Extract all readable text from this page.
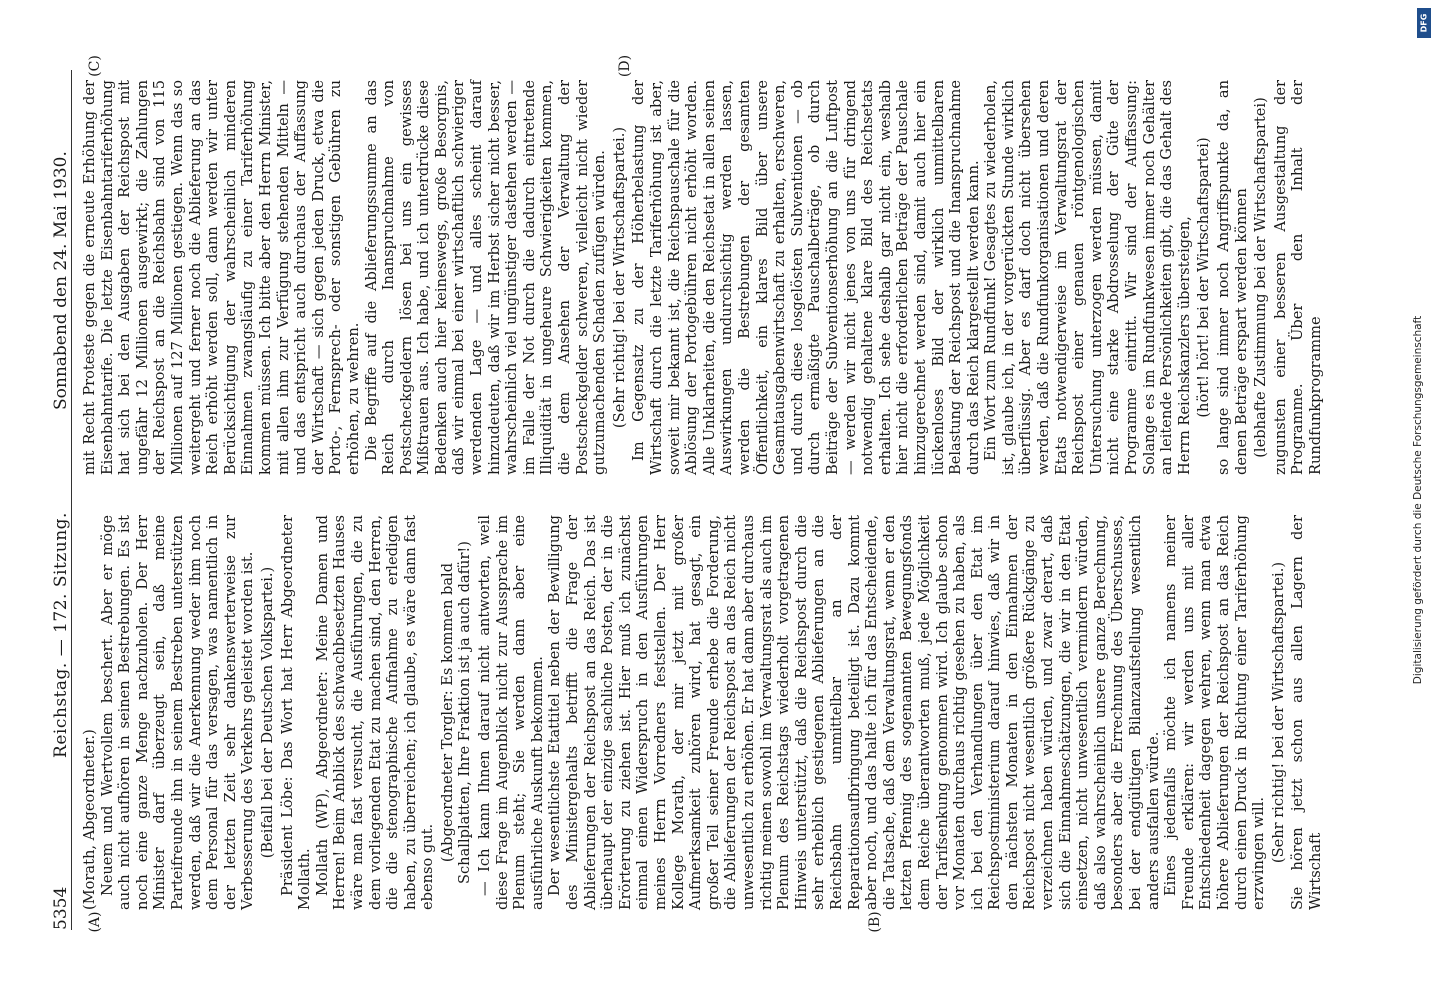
5354
Reichstag. — 172. Sitzung.
Sonnabend den 24. Mai 1930.
(A)	(B)
(C)	(D)

(Morath, Abgeordneter.) Neuem und Wertvollem beschert. Aber er möge auch nicht aufhören in seinen Bestrebungen. Es ist noch eine ganze Menge nachzuholen. Der Herr Minister darf überzeugt sein, daß meine Parteifreunde ihn in seinem Bestreben unterstützen werden, daß wir die Anerkennung weder ihm noch dem Personal für das versagen, was namentlich in der letzten Zeit sehr dankenswerterweise zur Verbesserung des Verkehrs geleistet worden ist. (Beifall bei der Deutschen Volkspartei.) Präsident Löbe: Das Wort hat Herr Abgeordneter Mollath. Mollath (WP), Abgeordneter: Meine Damen und Herren! Beim Anblick des schwachbesetzten Hauses wäre man fast versucht, die Ausführungen, die zu dem vorliegenden Etat zu machen sind, den Herren, die die stenographische Aufnahme zu erledigen haben, zu überreichen; ich glaube, es wäre dann fast ebenso gut.

(Abgeordneter Torgler: Es kommen bald Schallplatten, Ihre Fraktion ist ja auch dafür!) — Ich kann Ihnen darauf nicht antworten, weil diese Frage im Augenblick nicht zur Aussprache im Plenum steht; Sie werden dann aber eine ausführliche Auskunft bekommen. Der wesentlichste Etattitel neben der Bewilligung des Ministergehalts betrifft die Frage der Ablieferungen der Reichspost an das Reich. Das ist überhaupt der einzige sachliche Posten, der in die Erörterung zu ziehen ist. Hier muß ich zunächst einmal einen Widerspruch in den Ausführungen meines Herrn Vorredners feststellen. Der Herr Kollege Morath, der mir jetzt mit großer Aufmerksamkeit zuhören wird, hat gesagt, ein großer Teil seiner Freunde erhebe die Forderung, die Ablieferungen der Reichspost an das Reich nicht unwesentlich zu erhöhen. Er hat dann aber durchaus richtig meinen sowohl im Verwaltungsrat als auch im Plenum des Reichstags wiederholt vorgetragenen Hinweis unterstützt, daß die Reichspost durch die sehr erheblich gestiegenen Ablieferungen an die Reichsbahn unmittelbar an der Reparationsaufbringung beteiligt ist. Dazu kommt aber noch, und das halte ich für das Entscheidende, die Tatsache, daß dem Verwaltungsrat, wenn er den letzten Pfennig des sogenannten Bewegungsfonds dem Reiche überantworten muß, jede Möglichkeit der Tarifsenkung genommen wird. Ich glaube schon vor Monaten durchaus richtig gesehen zu haben, als ich bei den Verhandlungen über den Etat im Reichspostministerium darauf hinwies, daß wir in den nächsten Monaten in den Einnahmen der Reichspost nicht wesentlich größere Rückgänge zu verzeichnen haben würden, und zwar derart, daß sich die Einnahmeschätzungen, die wir in den Etat einsetzen, nicht unwesentlich vermindern würden, daß also wahrscheinlich unsere ganze Berechnung, besonders aber die Errechnung des Überschusses, bei der endgültigen Bilanzaufstellung wesentlich anders ausfallen würde. Eines jedenfalls möchte ich namens meiner Freunde erklären: wir werden uns mit aller Entschiedenheit dagegen wehren, wenn man etwa höhere Ablieferungen der Reichspost an das Reich durch einen Druck in Richtung einer Tariferhöhung erzwingen will. (Sehr richtig! bei der Wirtschaftspartei.) Sie hören jetzt schon aus allen Lagern der Wirtschaft

mit Recht Proteste gegen die erneute Erhöhung der Eisenbahntarife. Die letzte Eisenbahntariferhöhung hat sich bei den Ausgaben der Reichspost mit ungefähr 12 Millionen ausgewirkt; die Zahlungen der Reichspost an die Reichsbahn sind von 115 Millionen auf 127 Millionen gestiegen. Wenn das so weitergeht und ferner noch die Ablieferung an das Reich erhöht werden soll, dann werden wir unter Berücksichtigung der wahrscheinlich minderen Einnahmen zwangsläufig zu einer Tariferhöhung kommen müssen. Ich bitte aber den Herrn Minister, mit allen ihm zur Verfügung stehenden Mitteln — und das entspricht auch durchaus der Auffassung der Wirtschaft — sich gegen jeden Druck, etwa die Porto-, Fernsprech- oder sonstigen Gebühren zu erhöhen, zu wehren. Die Begriffe auf die Ablieferungssumme an das Reich durch Inanspruchnahme von Postscheckgeldern lösen bei uns ein gewisses Mißtrauen aus. Ich habe, und ich unterdrücke diese Bedenken auch hier keineswegs, große Besorgnis, daß wir einmal bei einer wirtschaftlich schwieriger werdenden Lage — und alles scheint darauf hinzudeuten, daß wir im Herbst sicher nicht besser, wahrscheinlich viel ungünstiger dastehen werden — im Falle der Not durch die dadurch eintretende Illiquidität in ungeheure Schwierigkeiten kommen, die dem Ansehen der Verwaltung der Postscheckgelder schweren, vielleicht nicht wieder gutzumachenden Schaden zufügen würden. (Sehr richtig! bei der Wirtschaftspartei.) Im Gegensatz zu der Höherbelastung der Wirtschaft durch die letzte Tariferhöhung ist aber, soweit mir bekannt ist, die Reichspauschale für die Ablösung der Portogebühren nicht erhöht worden. Alle Unklarheiten, die den Reichsetat in allen seinen Auswirkungen undurchsichtig werden lassen, werden die Bestrebungen der gesamten Öffentlichkeit, ein klares Bild über unsere Gesamtausgabenwirtschaft zu erhalten, erschweren, und durch diese losgelösten Subventionen — ob durch ermäßigte Pauschalbeträge, ob durch Beiträge der Subventionserhöhung an die Luftpost — werden wir nicht jenes von uns für dringend notwendig gehaltene klare Bild des Reichsetats erhalten. Ich sehe deshalb gar nicht ein, weshalb hier nicht die erforderlichen Beträge der Pauschale hinzugerechnet werden sind, damit auch hier ein lückenloses Bild der wirklich unmittelbaren Belastung der Reichspost und die Inanspruchnahme durch das Reich klargestellt werden kann. Ein Wort zum Rundfunk! Gesagtes zu wiederholen, ist, glaube ich, in der vorgerückten Stunde wirklich überflüssig. Aber es darf doch nicht übersehen werden, daß die Rundfunkorganisationen und deren Etats notwendigerweise im Verwaltungsrat der Reichspost einer genauen röntgenologischen Untersuchung unterzogen werden müssen, damit nicht eine starke Abdrosselung der Güte der Programme eintritt. Wir sind der Auffassung: Solange es im Rundfunkwesen immer noch Gehälter an leitende Persönlichkeiten gibt, die das Gehalt des Herrn Reichskanzlers übersteigen, (hört! hört! bei der Wirtschaftspartei) so lange sind immer noch Angriffspunkte da, an denen Beträge erspart werden können (lebhafte Zustimmung bei der Wirtschaftspartei) zugunsten einer besseren Ausgestaltung der Programme. Über den Inhalt der Rundfunkprogramme

DFG
Digitalisierung gefördert durch die Deutsche Forschungsgemeinschaft
